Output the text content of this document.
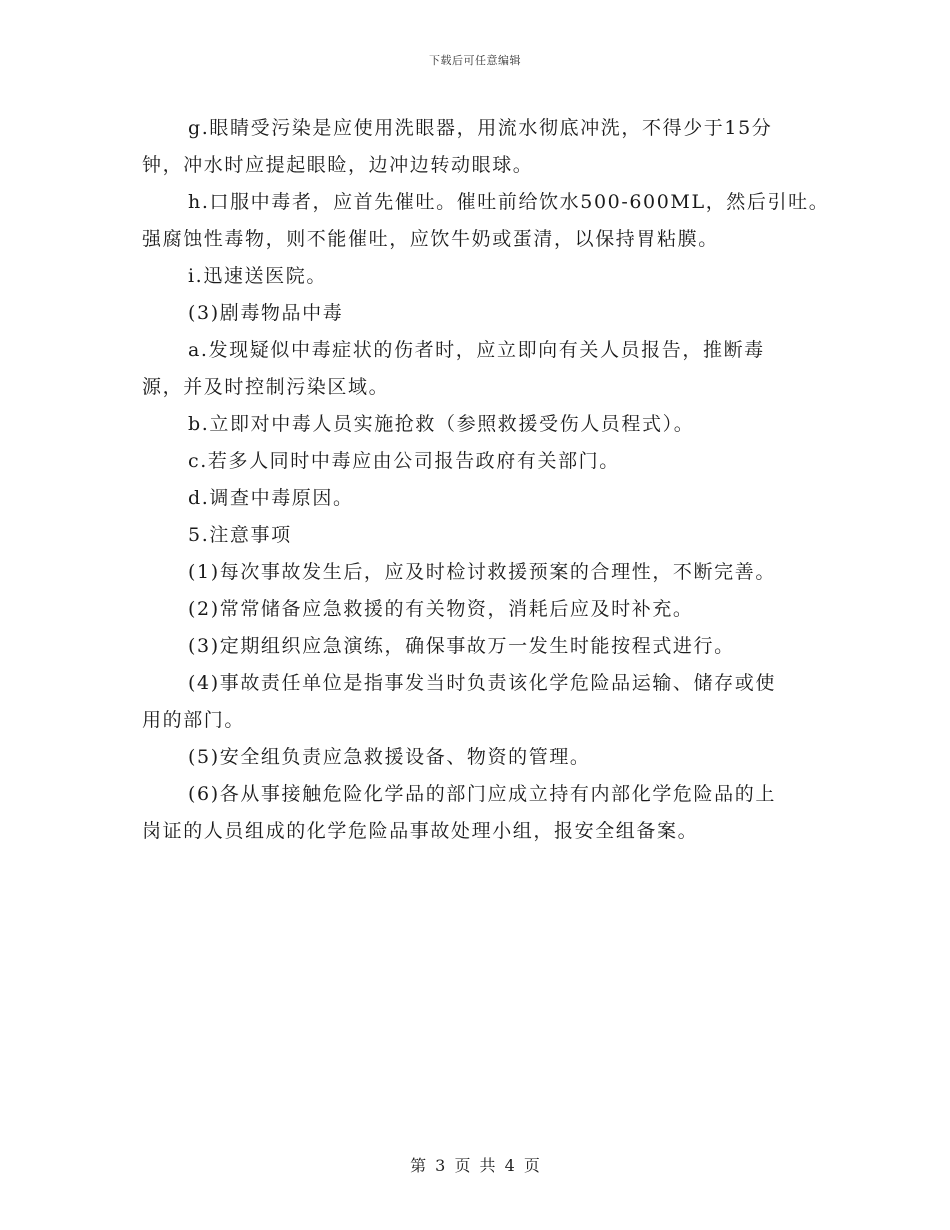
下载后可任意编辑
g.眼睛受污染是应使用洗眼器，用流水彻底冲洗，不得少于15分
钟，冲水时应提起眼睑，边冲边转动眼球。
h.口服中毒者，应首先催吐。催吐前给饮水500-600ML，然后引吐。
强腐蚀性毒物，则不能催吐，应饮牛奶或蛋清，以保持胃粘膜。
i.迅速送医院。
(3)剧毒物品中毒
a.发现疑似中毒症状的伤者时，应立即向有关人员报告，推断毒
源，并及时控制污染区域。
b.立即对中毒人员实施抢救（参照救援受伤人员程式）。
c.若多人同时中毒应由公司报告政府有关部门。
d.调查中毒原因。
5.注意事项
(1)每次事故发生后，应及时检讨救援预案的合理性，不断完善。
(2)常常储备应急救援的有关物资，消耗后应及时补充。
(3)定期组织应急演练，确保事故万一发生时能按程式进行。
(4)事故责任单位是指事发当时负责该化学危险品运输、储存或使
用的部门。
(5)安全组负责应急救援设备、物资的管理。
(6)各从事接触危险化学品的部门应成立持有内部化学危险品的上
岗证的人员组成的化学危险品事故处理小组，报安全组备案。
第 3 页 共 4 页
